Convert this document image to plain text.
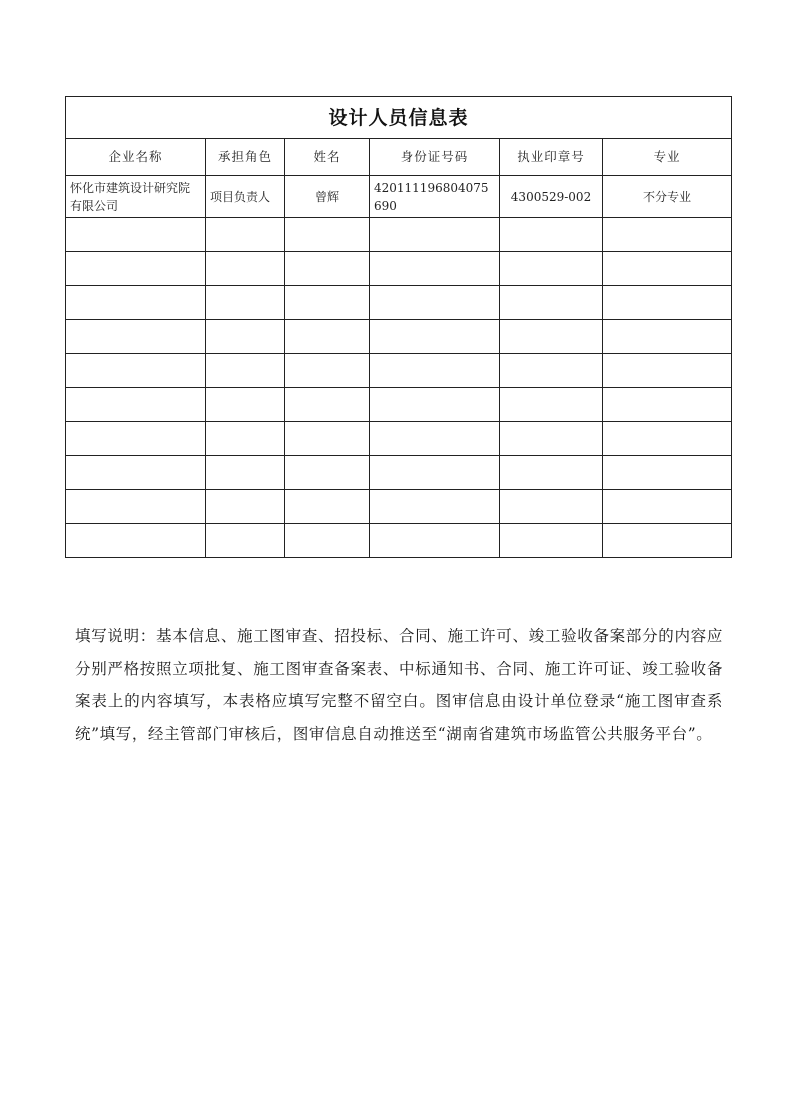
设计人员信息表					
企业名称	承担角色	姓名	身份证号码	执业印章号	专业
怀化市建筑设计研究院有限公司	项目负责人	曾辉	420111196804075690	4300529-002	不分专业

填写说明：基本信息、施工图审查、招投标、合同、施工许可、竣工验收备案部分的内容应分别严格按照立项批复、施工图审查备案表、中标通知书、合同、施工许可证、竣工验收备案表上的内容填写，本表格应填写完整不留空白。图审信息由设计单位登录“施工图审查系统”填写，经主管部门审核后，图审信息自动推送至“湖南省建筑市场监管公共服务平台”。
